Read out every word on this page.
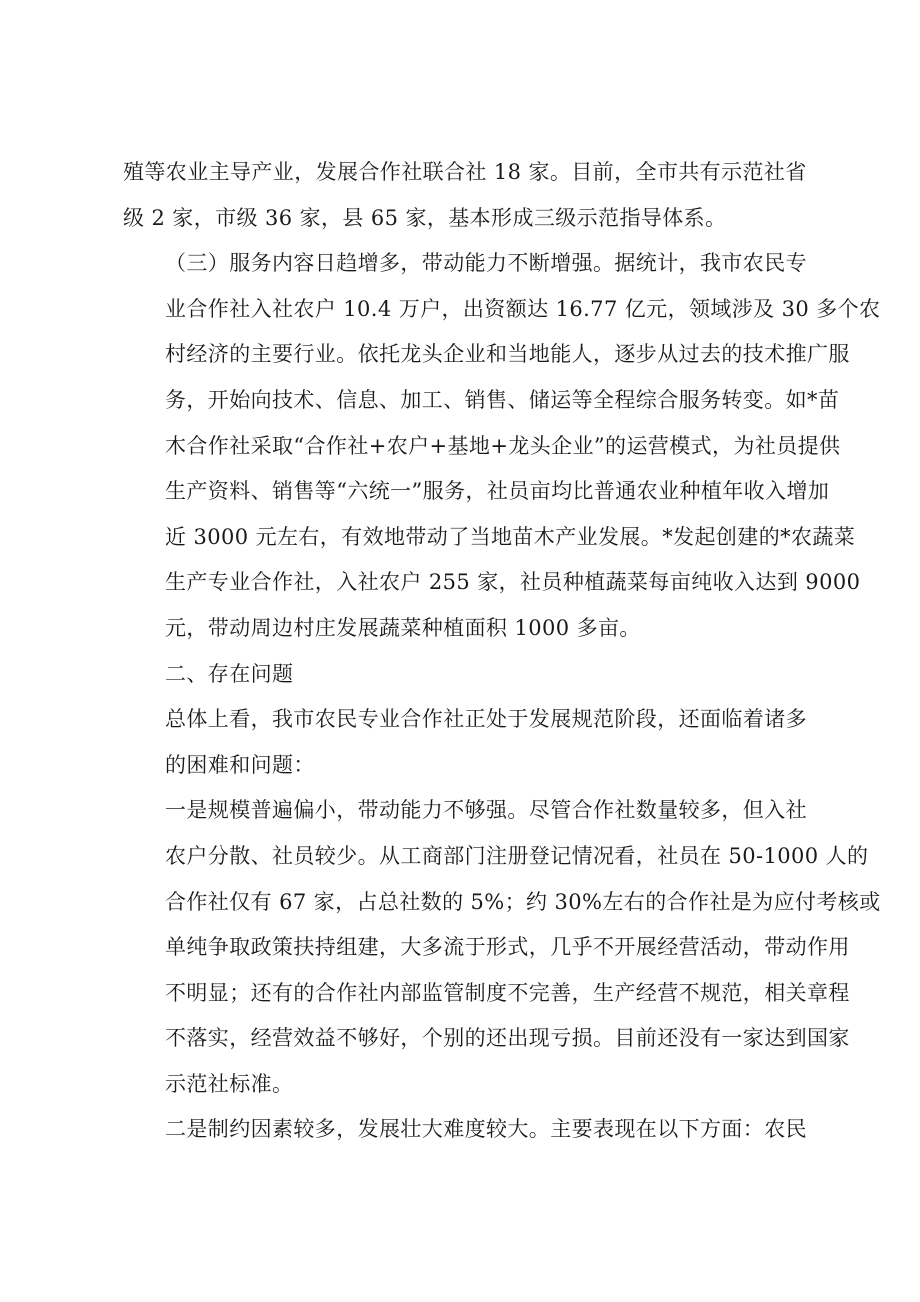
殖等农业主导产业，发展合作社联合社 18 家。目前，全市共有示范社省
级 2 家，市级 36 家，县 65 家，基本形成三级示范指导体系。
（三）服务内容日趋增多，带动能力不断增强。据统计，我市农民专
业合作社入社农户 10.4 万户，出资额达 16.77 亿元，领域涉及 30 多个农
村经济的主要行业。依托龙头企业和当地能人，逐步从过去的技术推广服
务，开始向技术、信息、加工、销售、储运等全程综合服务转变。如*苗
木合作社采取“合作社+农户+基地+龙头企业”的运营模式，为社员提供
生产资料、销售等“六统一”服务，社员亩均比普通农业种植年收入增加
近 3000 元左右，有效地带动了当地苗木产业发展。*发起创建的*农蔬菜
生产专业合作社，入社农户 255 家，社员种植蔬菜每亩纯收入达到 9000
元，带动周边村庄发展蔬菜种植面积 1000 多亩。
二、存在问题
总体上看，我市农民专业合作社正处于发展规范阶段，还面临着诸多
的困难和问题：
一是规模普遍偏小，带动能力不够强。尽管合作社数量较多，但入社
农户分散、社员较少。从工商部门注册登记情况看，社员在 50-1000 人的
合作社仅有 67 家，占总社数的 5%；约 30%左右的合作社是为应付考核或
单纯争取政策扶持组建，大多流于形式，几乎不开展经营活动，带动作用
不明显；还有的合作社内部监管制度不完善，生产经营不规范，相关章程
不落实，经营效益不够好，个别的还出现亏损。目前还没有一家达到国家
示范社标准。
二是制约因素较多，发展壮大难度较大。主要表现在以下方面：农民
